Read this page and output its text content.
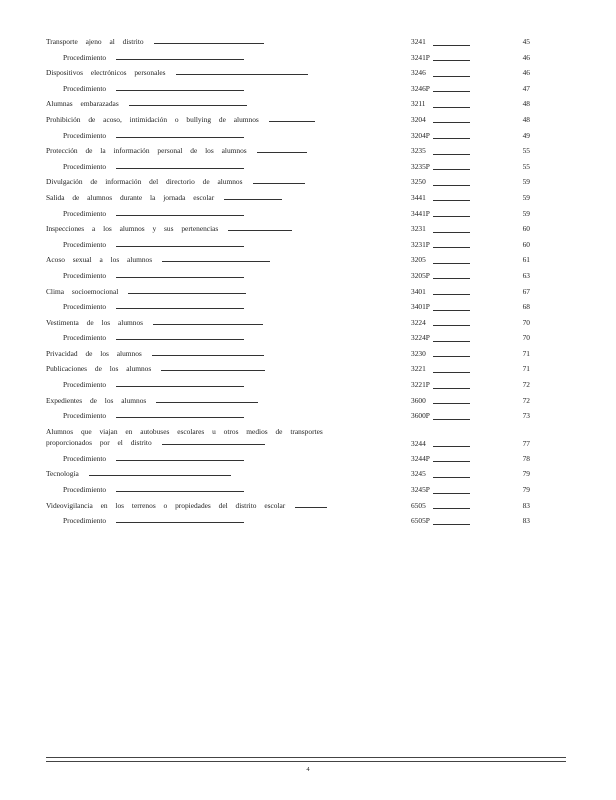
Transporte ajeno al distrito	3241	45
Procedimiento	3241P	46
Dispositivos electrónicos personales	3246	46
Procedimiento	3246P	47
Alumnas embarazadas	3211	48
Prohibición de acoso, intimidación o bullying de alumnos	3204	48
Procedimiento	3204P	49
Protección de la información personal de los alumnos	3235	55
Procedimiento	3235P	55
Divulgación de información del directorio de alumnos	3250	59
Salida de alumnos durante la jornada escolar	3441	59
Procedimiento	3441P	59
Inspecciones a los alumnos y sus pertenencias	3231	60
Procedimiento	3231P	60
Acoso sexual a los alumnos	3205	61
Procedimiento	3205P	63
Clima socioemocional	3401	67
Procedimiento	3401P	68
Vestimenta de los alumnos	3224	70
Procedimiento	3224P	70
Privacidad de los alumnos	3230	71
Publicaciones de los alumnos	3221	71
Procedimiento	3221P	72
Expedientes de los alumnos	3600	72
Procedimiento	3600P	73
Alumnos que viajan en autobuses escolares u otros medios de transportes
proporcionados por el distrito	3244	77
Procedimiento	3244P	78
Tecnología	3245	79
Procedimiento	3245P	79
Videovigilancia en los terrenos o propiedades del distrito escolar	6505	83
Procedimiento	6505P	83
4
